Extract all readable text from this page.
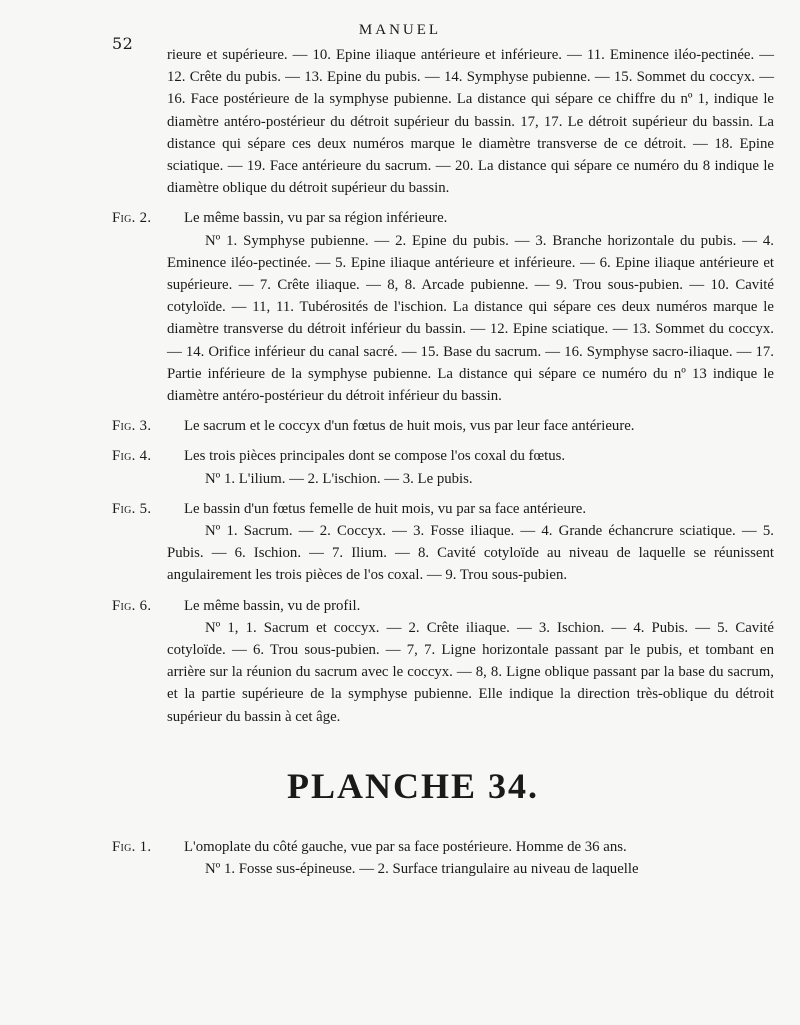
52
MANUEL

rieure et supérieure. — 10. Epine iliaque antérieure et inférieure. — 11. Eminence iléo-pectinée. — 12. Crête du pubis. — 13. Epine du pubis. — 14. Symphyse pubienne. — 15. Sommet du coccyx. — 16. Face postérieure de la symphyse pubienne. La distance qui sépare ce chiffre du nº 1, indique le diamètre antéro-postérieur du détroit supérieur du bassin. 17, 17. Le détroit supérieur du bassin. La distance qui sépare ces deux numéros marque le diamètre transverse de ce détroit. — 18. Epine sciatique. — 19. Face antérieure du sacrum. — 20. La distance qui sépare ce numéro du 8 indique le diamètre oblique du détroit supérieur du bassin.

Fig. 2.	Le même bassin, vu par sa région inférieure.

Nº 1. Symphyse pubienne. — 2. Epine du pubis. — 3. Branche horizontale du pubis. — 4. Eminence iléo-pectinée. — 5. Epine iliaque antérieure et inférieure. — 6. Epine iliaque antérieure et supérieure. — 7. Crête iliaque. — 8, 8. Arcade pubienne. — 9. Trou sous-pubien. — 10. Cavité cotyloïde. — 11, 11. Tubérosités de l'ischion. La distance qui sépare ces deux numéros marque le diamètre transverse du détroit inférieur du bassin. — 12. Epine sciatique. — 13. Sommet du coccyx. — 14. Orifice inférieur du canal sacré. — 15. Base du sacrum. — 16. Symphyse sacro-iliaque. — 17. Partie inférieure de la symphyse pubienne. La distance qui sépare ce numéro du nº 13 indique le diamètre antéro-postérieur du détroit inférieur du bassin.

Fig. 3.	Le sacrum et le coccyx d'un fœtus de huit mois, vus par leur face antérieure.

Fig. 4.	Les trois pièces principales dont se compose l'os coxal du fœtus.

Nº 1. L'ilium. — 2. L'ischion. — 3. Le pubis.

Fig. 5.	Le bassin d'un fœtus femelle de huit mois, vu par sa face antérieure.

Nº 1. Sacrum. — 2. Coccyx. — 3. Fosse iliaque. — 4. Grande échancrure sciatique. — 5. Pubis. — 6. Ischion. — 7. Ilium. — 8. Cavité cotyloïde au niveau de laquelle se réunissent angulairement les trois pièces de l'os coxal. — 9. Trou sous-pubien.

Fig. 6.	Le même bassin, vu de profil.

Nº 1, 1. Sacrum et coccyx. — 2. Crête iliaque. — 3. Ischion. — 4. Pubis. — 5. Cavité cotyloïde. — 6. Trou sous-pubien. — 7, 7. Ligne horizontale passant par le pubis, et tombant en arrière sur la réunion du sacrum avec le coccyx. — 8, 8. Ligne oblique passant par la base du sacrum, et la partie supérieure de la symphyse pubienne. Elle indique la direction très-oblique du détroit supérieur du bassin à cet âge.

PLANCHE 34.
Fig. 1.	L'omoplate du côté gauche, vue par sa face postérieure. Homme de 36 ans.

Nº 1. Fosse sus-épineuse. — 2. Surface triangulaire au niveau de laquelle
